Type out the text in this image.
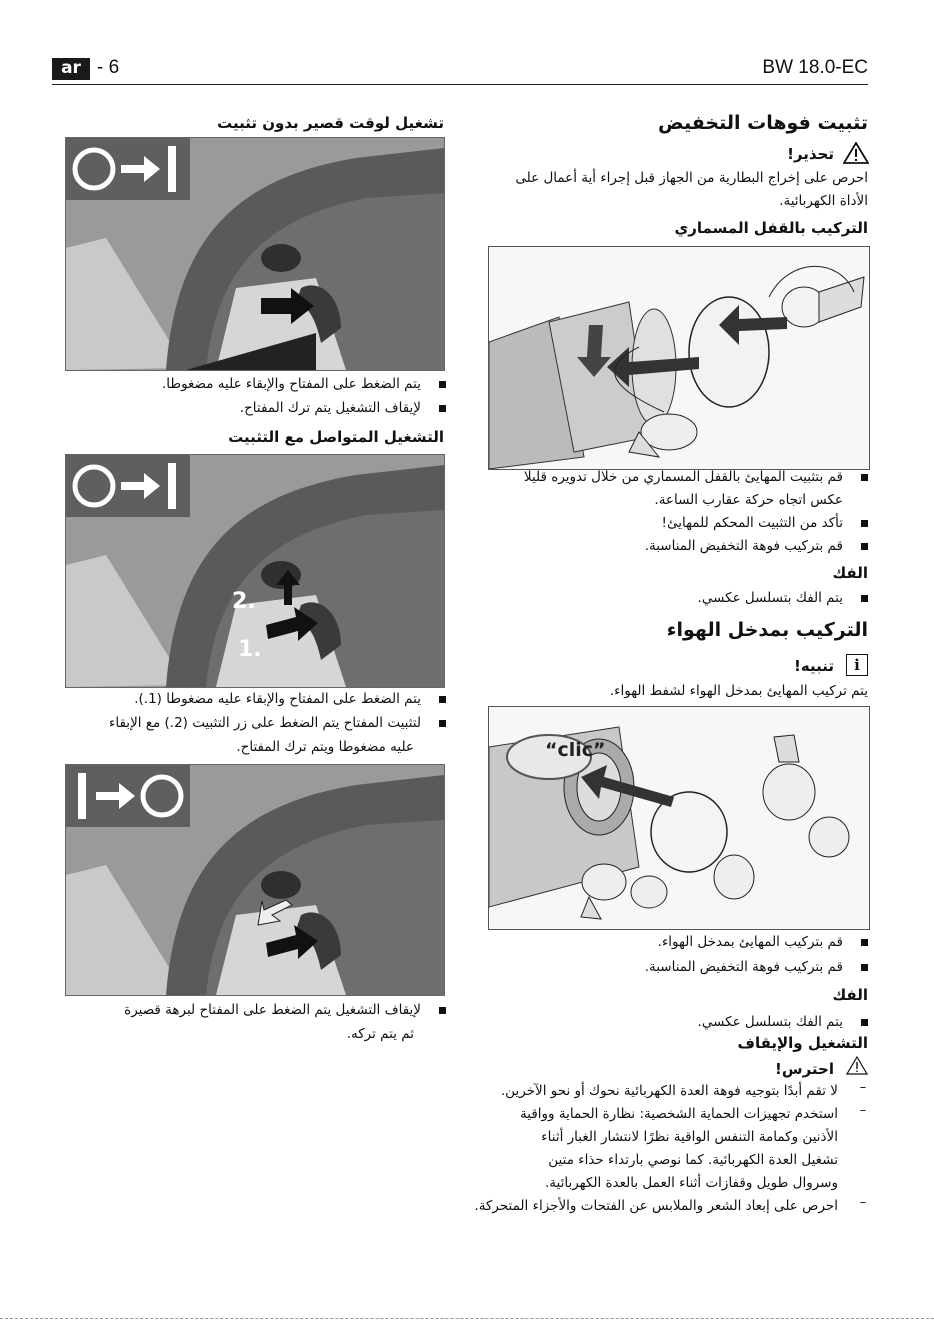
ar - 6	BW 18.0-EC
تثبيت فوهات التخفيض
تحذير!
احرص على إخراج البطارية من الجهاز قبل إجراء أية أعمال على
الأداة الكهربائية.
التركيب بالقفل المسماري
قم بتثبيت المهايئ بالقفل المسماري من خلال تدويره قليلا
عكس اتجاه حركة عقارب الساعة.
تأكد من التثبيت المحكم للمهايئ!
قم بتركيب فوهة التخفيض المناسبة.
الفك
يتم الفك بتسلسل عكسي.
التركيب بمدخل الهواء
i
تنبيه!
يتم تركيب المهايئ بمدخل الهواء لشفط الهواء.
“clic”
قم بتركيب المهايئ بمدخل الهواء.
قم بتركيب فوهة التخفيض المناسبة.
الفك
يتم الفك بتسلسل عكسي.
التشغيل والإيقاف
احترس!
–
لا تقم أبدًا بتوجيه فوهة العدة الكهربائية نحوك أو نحو الآخرين.
–
استخدم تجهيزات الحماية الشخصية: نظارة الحماية وواقية
الأذنين وكمامة التنفس الواقية نظرًا لانتشار الغبار أثناء
تشغيل العدة الكهربائية. كما نوصي بارتداء حذاء متين
وسروال طويل وقفازات أثناء العمل بالعدة الكهربائية.
–
احرص على إبعاد الشعر والملابس عن الفتحات والأجزاء المتحركة.
تشغيل لوقت قصير بدون تثبيت
يتم الضغط على المفتاح والإبقاء عليه مضغوطا.
لإيقاف التشغيل يتم ترك المفتاح.
التشغيل المتواصل مع التثبيت
2.
1.
يتم الضغط على المفتاح والإبقاء عليه مضغوطا (1.).
لتثبيت المفتاح يتم الضغط على زر التثبيت (2.) مع الإبقاء
عليه مضغوطا ويتم ترك المفتاح.
لإيقاف التشغيل يتم الضغط على المفتاح لبرهة قصيرة
ثم يتم تركه.
